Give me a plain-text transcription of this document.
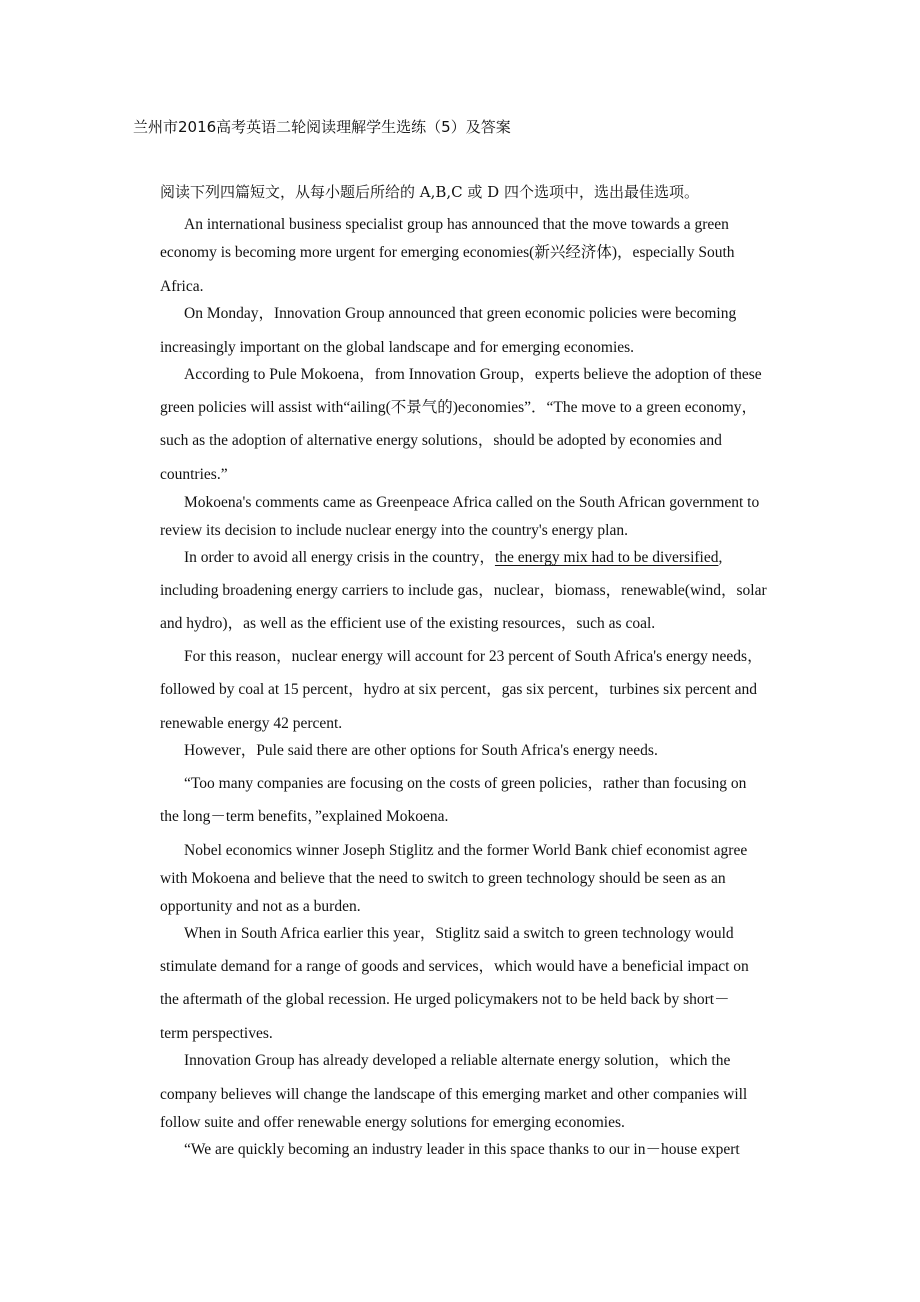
兰州市2016高考英语二轮阅读理解学生选练（5）及答案
阅读下列四篇短文，从每小题后所给的 A,B,C 或 D 四个选项中，选出最佳选项。
An international business specialist group has announced that the move towards a green
economy is becoming more urgent for emerging economies(新兴经济体)，especially South
Africa.
On Monday，Innovation Group announced that green economic policies were becoming
increasingly important on the global landscape and for emerging economies.
According to Pule Mokoena，from Innovation Group，experts believe the adoption of these
green policies will assist with“ailing(不景气的)economies”．“The move to a green economy，
such as the adoption of alternative energy solutions，should be adopted by economies and
countries.”
Mokoena's comments came as Greenpeace Africa called on the South African government to
review its decision to include nuclear energy into the country's energy plan.
In order to avoid all energy crisis in the country，the energy mix had to be diversified,
including broadening energy carriers to include gas，nuclear，biomass，renewable(wind，solar
and hydro)，as well as the efficient use of the existing resources，such as coal.
For this reason，nuclear energy will account for 23 percent of South Africa's energy needs，
followed by coal at 15 percent，hydro at six percent，gas six percent，turbines six percent and
renewable energy 42 percent.
However，Pule said there are other options for South Africa's energy needs.
“Too many companies are focusing on the costs of green policies，rather than focusing on
the long－term benefits，”explained Mokoena.
Nobel economics winner Joseph Stiglitz and the former World Bank chief economist agree
with Mokoena and believe that the need to switch to green technology should be seen as an
opportunity and not as a burden.
When in South Africa earlier this year，Stiglitz said a switch to green technology would
stimulate demand for a range of goods and services，which would have a beneficial impact on
the aftermath of the global recession. He urged policymakers not to be held back by short－
term perspectives.
Innovation Group has already developed a reliable alternate energy solution，which the
company believes will change the landscape of this emerging market and other companies will
follow suite and offer renewable energy solutions for emerging economies.
“We are quickly becoming an industry leader in this space thanks to our in－house expert
